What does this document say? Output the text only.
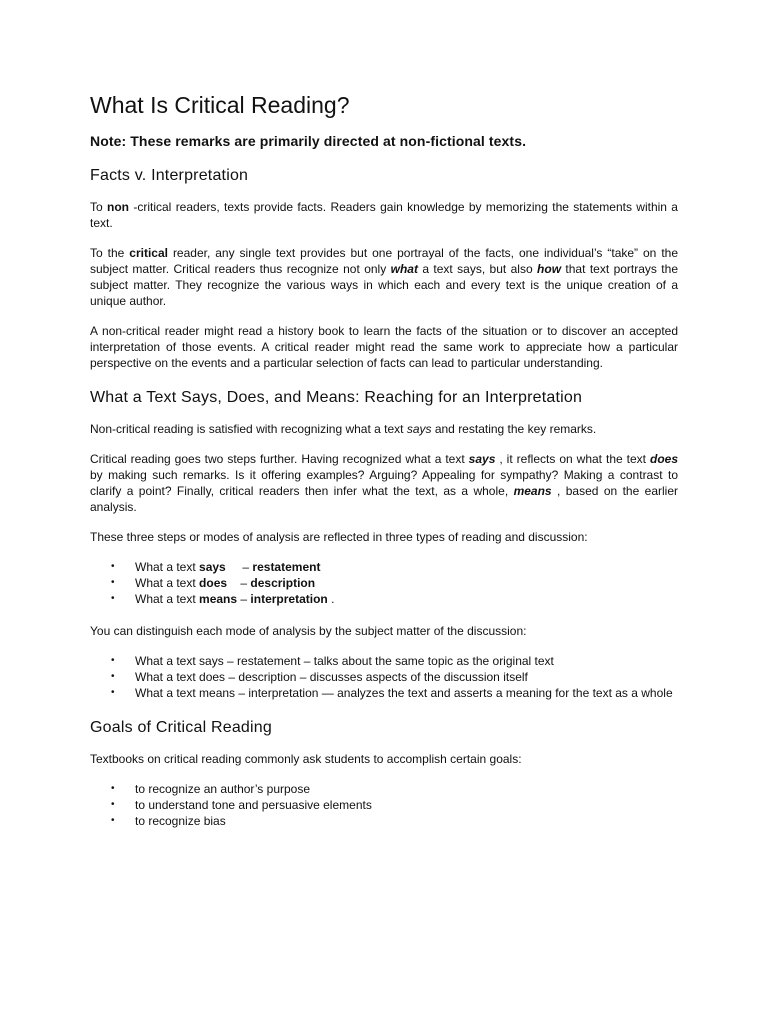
What Is Critical Reading?
Note: These remarks are primarily directed at non-fictional texts.
Facts v. Interpretation

To non -critical readers, texts provide facts. Readers gain knowledge by memorizing the statements within a text.

To the critical reader, any single text provides but one portrayal of the facts, one individual’s “take” on the subject matter. Critical readers thus recognize not only what a text says, but also how that text portrays the subject matter. They recognize the various ways in which each and every text is the unique creation of a unique author.

A non-critical reader might read a history book to learn the facts of the situation or to discover an accepted interpretation of those events. A critical reader might read the same work to appreciate how a particular perspective on the events and a particular selection of facts can lead to particular understanding.

What a Text Says, Does, and Means: Reaching for an Interpretation

Non-critical reading is satisfied with recognizing what a text says and restating the key remarks.

Critical reading goes two steps further. Having recognized what a text says , it reflects on what the text does by making such remarks. Is it offering examples? Arguing? Appealing for sympathy? Making a contrast to clarify a point? Finally, critical readers then infer what the text, as a whole, means , based on the earlier analysis.

These three steps or modes of analysis are reflected in three types of reading and discussion:

• What a text says     – restatement
• What a text does    – description
• What a text means – interpretation .

You can distinguish each mode of analysis by the subject matter of the discussion:

• What a text says – restatement – talks about the same topic as the original text
• What a text does – description – discusses aspects of the discussion itself
• What a text means – interpretation — analyzes the text and asserts a meaning for the text as a whole
Goals of Critical Reading

Textbooks on critical reading commonly ask students to accomplish certain goals:

• to recognize an author’s purpose
• to understand tone and persuasive elements
• to recognize bias
